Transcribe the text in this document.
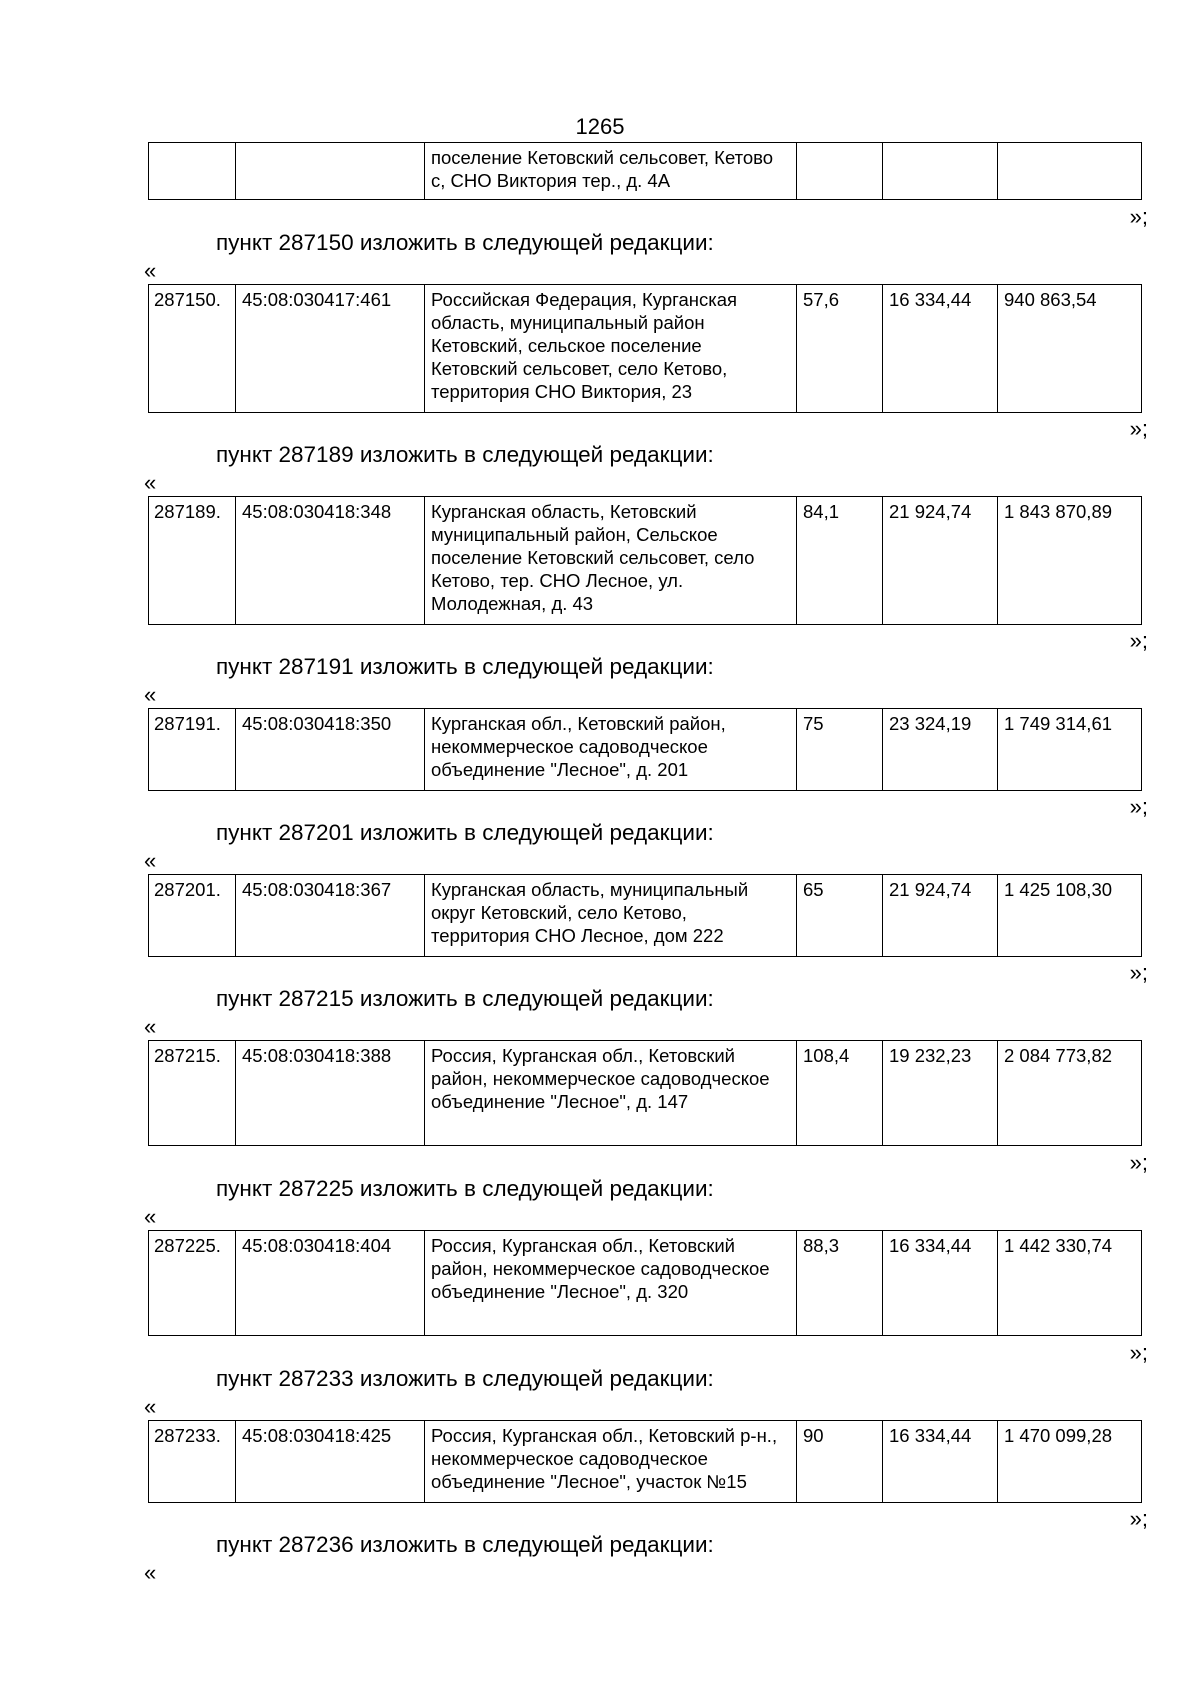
1265
		поселение Кетовский сельсовет, Кетово с, СНО Виктория тер., д. 4А			
»;
пункт 287150 изложить в следующей редакции:
«
287150.	45:08:030417:461	Российская Федерация, Курганская область, муниципальный район Кетовский, сельское поселение Кетовский сельсовет, село Кетово, территория СНО Виктория, 23	57,6	16 334,44	940 863,54
»;
пункт 287189 изложить в следующей редакции:
«
287189.	45:08:030418:348	Курганская область, Кетовский муниципальный район, Сельское поселение Кетовский сельсовет, село Кетово, тер. СНО Лесное, ул. Молодежная, д. 43	84,1	21 924,74	1 843 870,89
»;
пункт 287191 изложить в следующей редакции:
«
287191.	45:08:030418:350	Курганская обл., Кетовский район, некоммерческое садоводческое объединение "Лесное", д. 201	75	23 324,19	1 749 314,61
»;
пункт 287201 изложить в следующей редакции:
«
287201.	45:08:030418:367	Курганская область, муниципальный округ Кетовский, село Кетово, территория СНО Лесное, дом 222	65	21 924,74	1 425 108,30
»;
пункт 287215 изложить в следующей редакции:
«
287215.	45:08:030418:388	Россия, Курганская обл., Кетовский район, некоммерческое садоводческое объединение "Лесное", д. 147	108,4	19 232,23	2 084 773,82
»;
пункт 287225 изложить в следующей редакции:
«
287225.	45:08:030418:404	Россия, Курганская обл., Кетовский район, некоммерческое садоводческое объединение "Лесное", д. 320	88,3	16 334,44	1 442 330,74
»;
пункт 287233 изложить в следующей редакции:
«
287233.	45:08:030418:425	Россия, Курганская обл., Кетовский р-н., некоммерческое садоводческое объединение "Лесное", участок №15	90	16 334,44	1 470 099,28
»;
пункт 287236 изложить в следующей редакции:
«
